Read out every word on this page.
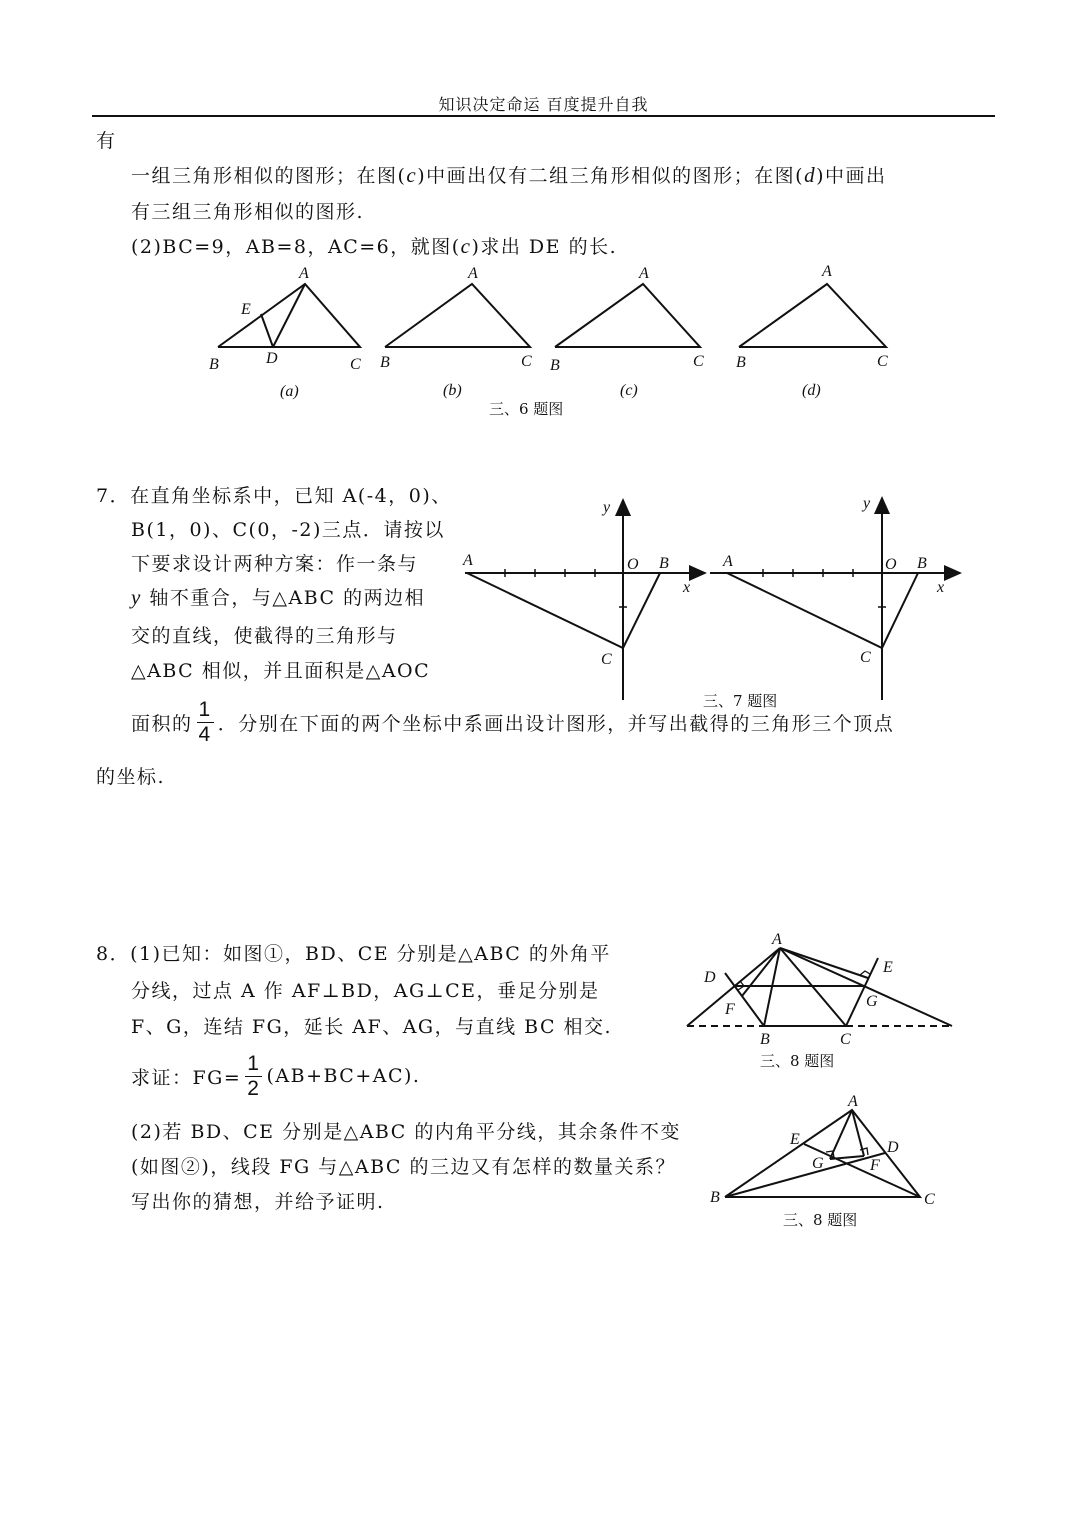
知识决定命运 百度提升自我
有
一组三角形相似的图形；在图(c)中画出仅有二组三角形相似的图形；在图(d)中画出
有三组三角形相似的图形.
(2)BC=9，AB=8，AC=6，就图(c)求出 DE 的长.
A
E
B	D	C
(a)
A
B	C
(b)
A
B	C
(c)
A
B	C
(d)
三、6 题图
7．在直角坐标系中，已知 A(-4，0)、
B(1，0)、C(0，-2)三点．请按以
下要求设计两种方案：作一条与
y 轴不重合，与△ABC 的两边相
交的直线，使截得的三角形与
△ABC 相似，并且面积是△AOC
面积的 $\frac{1}{4}$ ．分别在下面的两个坐标中系画出设计图形，并写出截得的三角形三个顶点
的坐标.
A
y
O B
x
C
A
y
O B
x
C
三、7 题图
8．(1)已知：如图①，BD、CE 分别是△ABC 的外角平
分线，过点 A 作 AF⊥BD，AG⊥CE，垂足分别是
F、G，连结 FG，延长 AF、AG，与直线 BC 相交.
求证：$FG= \frac{1}{2} (AB+BC+AC)$.
(2)若 BD、CE 分别是△ABC 的内角平分线，其余条件不变
(如图②)，线段 FG 与△ABC 的三边又有怎样的数量关系？
写出你的猜想，并给予证明.
A
D
F
B	C
G
E
三、8 题图
A
E	D
G	F
B	C
三、8 题图
